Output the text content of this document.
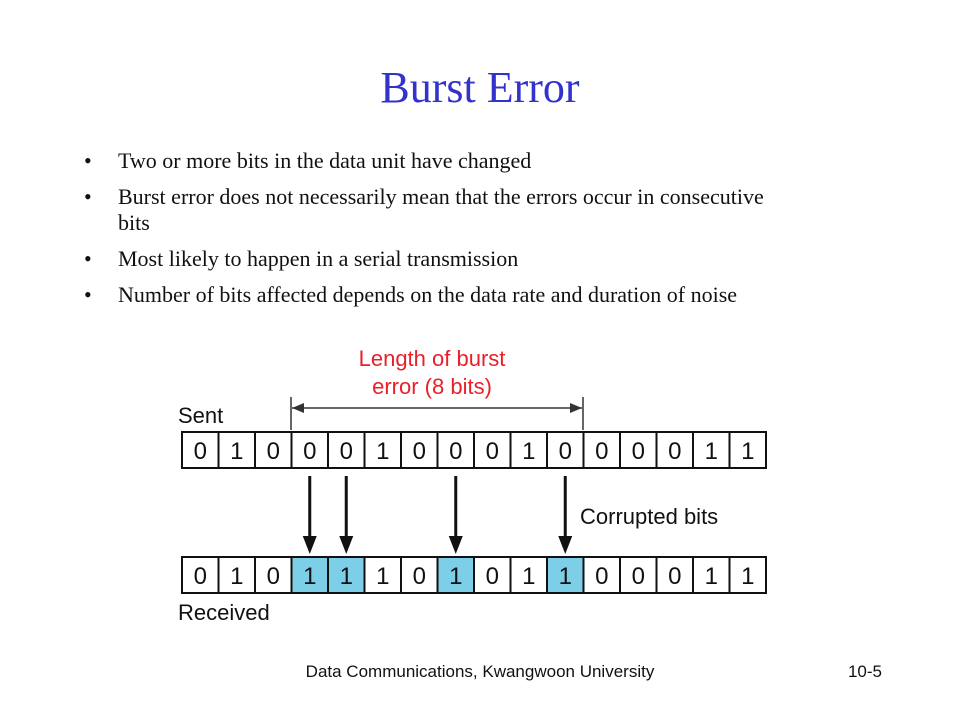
Burst Error
• Two or more bits in the data unit have changed
• Burst error does not necessarily mean that the errors occur in consecutive bits
• Most likely to happen in a serial transmission
• Number of bits affected depends on the data rate and duration of noise
Length of burst
error (8 bits)
Sent
0 1 0 0 0 1 0 0 0 1 0 0 0 0 1 1
Corrupted bits
0 1 0 1 1 1 0 1 0 1 1 0 0 0 1 1
Received
Data Communications, Kwangwoon University	10-5
